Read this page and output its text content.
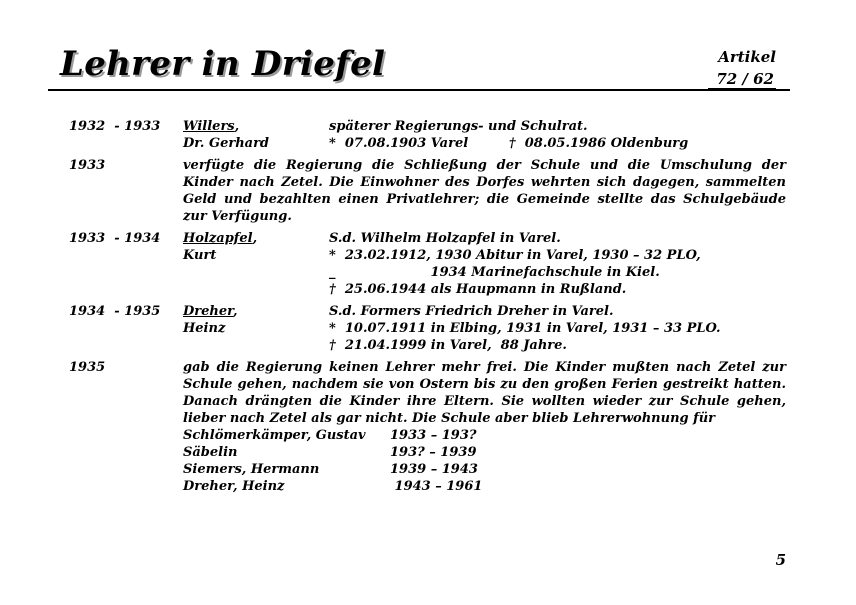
Lehrer in Driefel	Artikel
72 / 62
1932  - 1933	Willers,	späterer Regierungs- und Schulrat.
Dr. Gerhard	*  07.08.1903 Varel         †  08.05.1986 Oldenburg
1933	verfügte die Regierung die Schließung der Schule und die Umschulung der Kinder nach Zetel. Die Einwohner des Dorfes wehrten sich dagegen, sammelten Geld und bezahlten einen Privatlehrer; die Gemeinde stellte das Schulgebäude zur Verfügung.
1933  - 1934	Holzapfel,	S.d. Wilhelm Holzapfel in Varel.
Kurt	*  23.02.1912, 1930 Abitur in Varel, 1930 – 32 PLO,
_                     1934 Marinefachschule in Kiel.
†  25.06.1944 als Haupmann in Rußland.
1934  - 1935	Dreher,	S.d. Formers Friedrich Dreher in Varel.
Heinz	*  10.07.1911 in Elbing, 1931 in Varel, 1931 – 33 PLO.
†  21.04.1999 in Varel,  88 Jahre.
1935	gab die Regierung keinen Lehrer mehr frei. Die Kinder mußten nach Zetel zur Schule gehen, nachdem sie von Ostern bis zu den großen Ferien gestreikt hatten. Danach drängten die Kinder ihre Eltern. Sie wollten wieder zur Schule gehen, lieber nach Zetel als gar nicht. Die Schule aber blieb Lehrerwohnung für
Schlömerkämper, Gustav	1933 – 193?
Säbelin	193? – 1939
Siemers, Hermann	1939 – 1943
Dreher, Heinz	1943 – 1961
5
